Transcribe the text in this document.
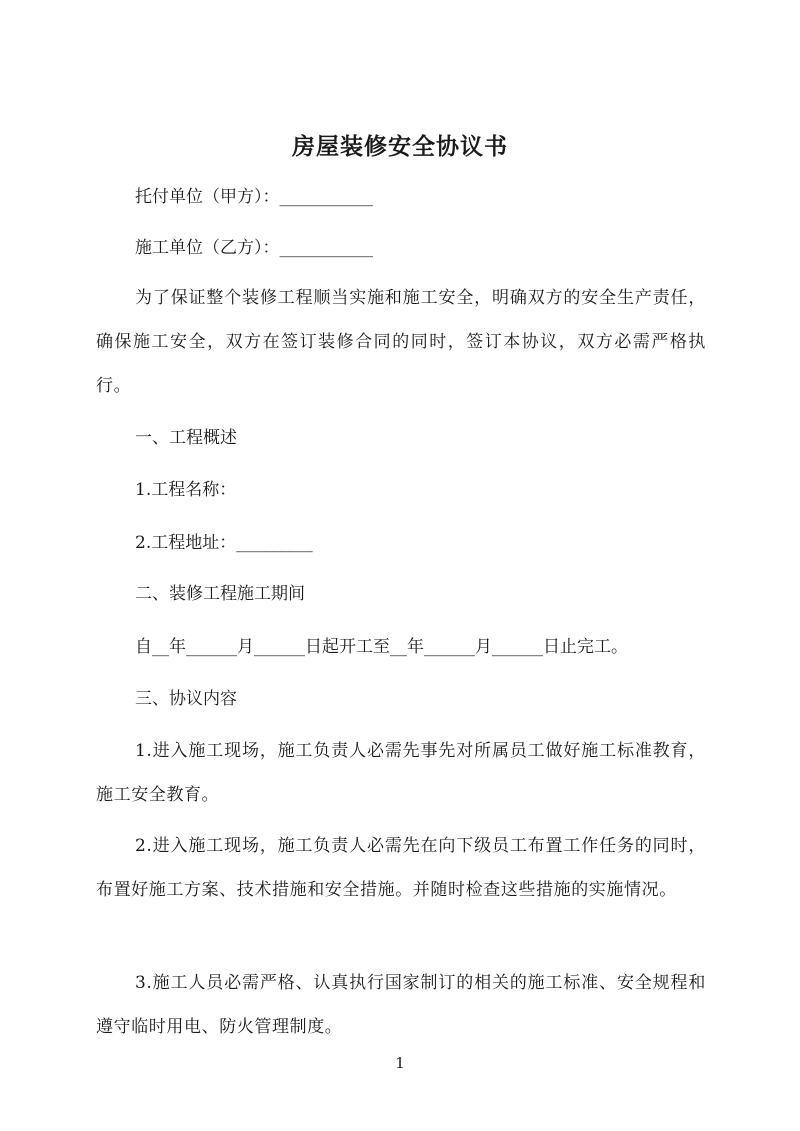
房屋装修安全协议书
托付单位（甲方）：___________
施工单位（乙方）：___________
为了保证整个装修工程顺当实施和施工安全，明确双方的安全生产责任，确保施工安全，双方在签订装修合同的同时，签订本协议，双方必需严格执行。
一、工程概述
1.工程名称：
2.工程地址：_________
二、装修工程施工期间
自__年______月______日起开工至__年______月______日止完工。
三、协议内容
1.进入施工现场，施工负责人必需先事先对所属员工做好施工标准教育，施工安全教育。
2.进入施工现场，施工负责人必需先在向下级员工布置工作任务的同时，布置好施工方案、技术措施和安全措施。并随时检查这些措施的实施情况。
3.施工人员必需严格、认真执行国家制订的相关的施工标准、安全规程和遵守临时用电、防火管理制度。
1
